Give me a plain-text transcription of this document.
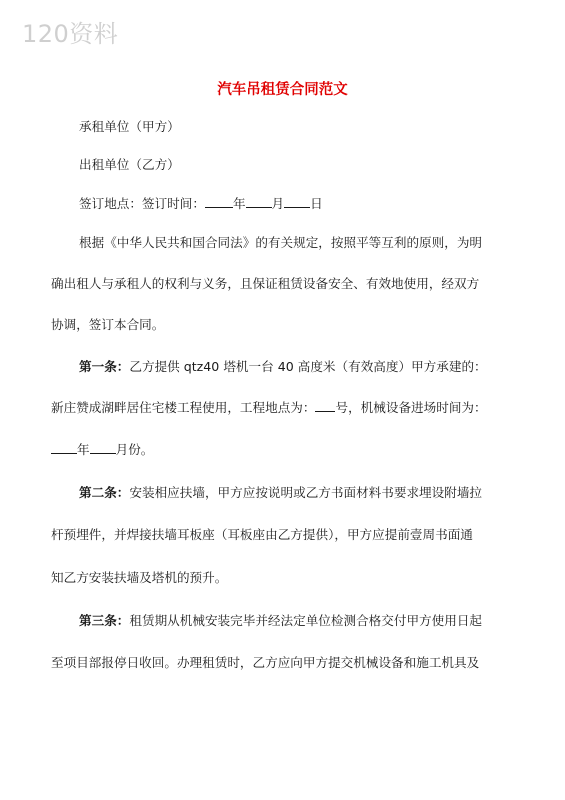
120资料
汽车吊租赁合同范文
承租单位（甲方）
出租单位（乙方）
签订地点：签订时间： 年 月 日
根据《中华人民共和国合同法》的有关规定，按照平等互利的原则，为明
确出租人与承租人的权利与义务，且保证租赁设备安全、有效地使用，经双方
协调，签订本合同。
第一条：乙方提供 qtz40 塔机一台 40 高度米（有效高度）甲方承建的：
新庄赞成湖畔居住宅楼工程使用，工程地点为： 号，机械设备进场时间为：
年 月份。
第二条：安装相应扶墙，甲方应按说明或乙方书面材料书要求埋设附墙拉
杆预埋件，并焊接扶墙耳板座（耳板座由乙方提供），甲方应提前壹周书面通
知乙方安装扶墙及塔机的预升。
第三条：租赁期从机械安装完毕并经法定单位检测合格交付甲方使用日起
至项目部报停日收回。办理租赁时，乙方应向甲方提交机械设备和施工机具及
